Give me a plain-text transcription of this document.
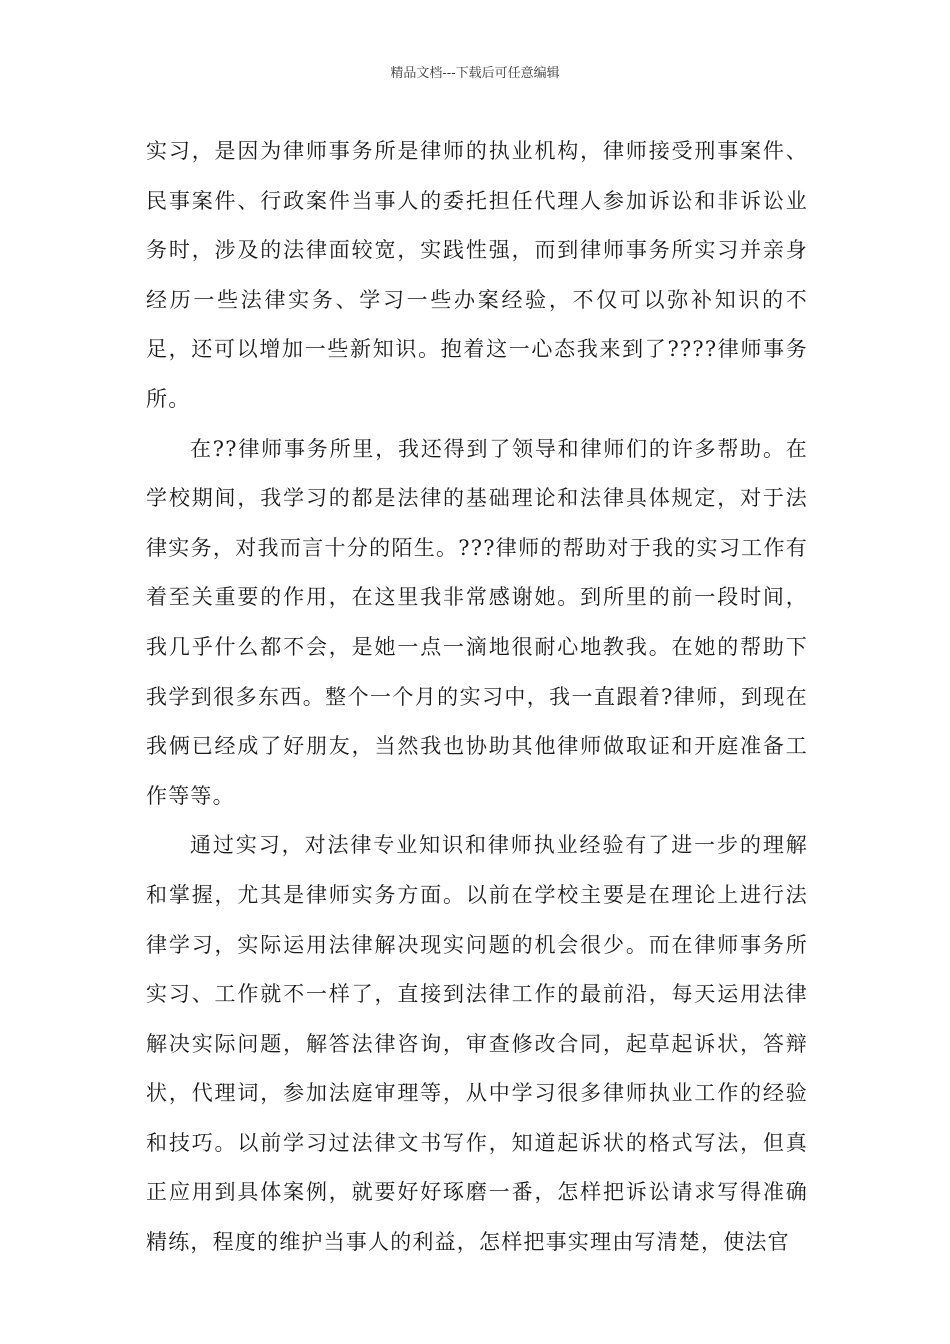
精品文档---下载后可任意编辑

实习，是因为律师事务所是律师的执业机构，律师接受刑事案件、民事案件、行政案件当事人的委托担任代理人参加诉讼和非诉讼业务时，涉及的法律面较宽，实践性强，而到律师事务所实习并亲身经历一些法律实务、学习一些办案经验，不仅可以弥补知识的不足，还可以增加一些新知识。抱着这一心态我来到了????律师事务所。

在??律师事务所里，我还得到了领导和律师们的许多帮助。在学校期间，我学习的都是法律的基础理论和法律具体规定，对于法律实务，对我而言十分的陌生。???律师的帮助对于我的实习工作有着至关重要的作用，在这里我非常感谢她。到所里的前一段时间，我几乎什么都不会，是她一点一滴地很耐心地教我。在她的帮助下我学到很多东西。整个一个月的实习中，我一直跟着?律师，到现在我俩已经成了好朋友，当然我也协助其他律师做取证和开庭准备工作等等。

通过实习，对法律专业知识和律师执业经验有了进一步的理解和掌握，尤其是律师实务方面。以前在学校主要是在理论上进行法律学习，实际运用法律解决现实问题的机会很少。而在律师事务所实习、工作就不一样了，直接到法律工作的最前沿，每天运用法律解决实际问题，解答法律咨询，审查修改合同，起草起诉状，答辩状，代理词，参加法庭审理等，从中学习很多律师执业工作的经验和技巧。以前学习过法律文书写作，知道起诉状的格式写法，但真正应用到具体案例，就要好好琢磨一番，怎样把诉讼请求写得准确精练，程度的维护当事人的利益，怎样把事实理由写清楚，使法官
